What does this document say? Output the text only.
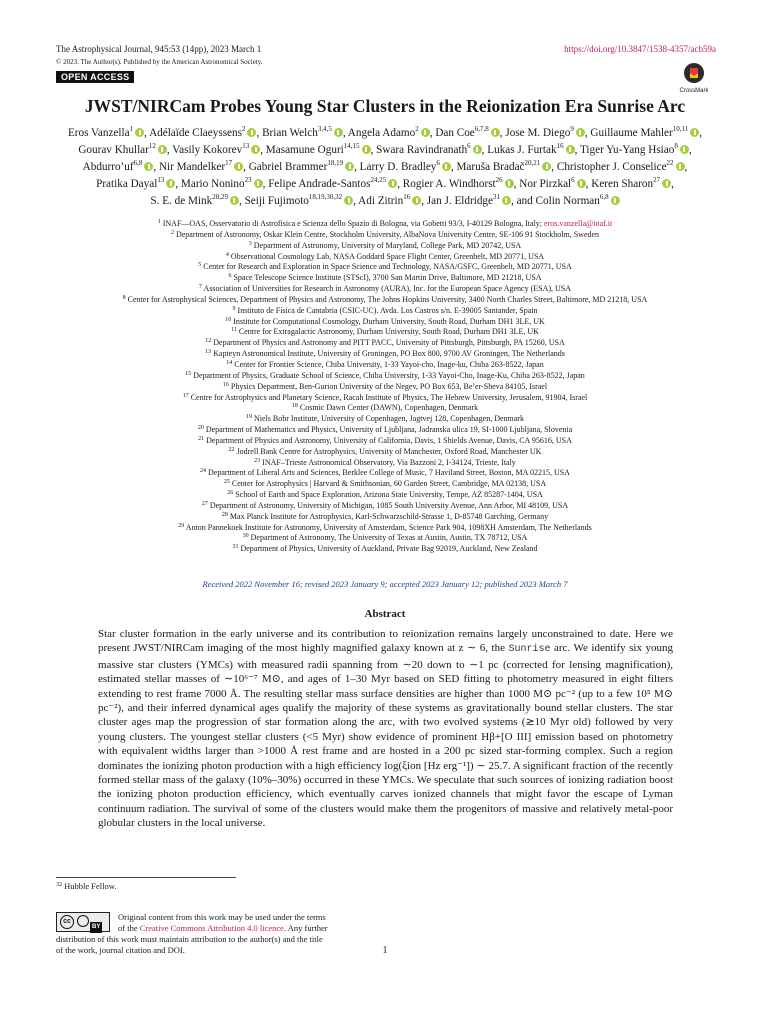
The Astrophysical Journal, 945:53 (14pp), 2023 March 1	https://doi.org/10.3847/1538-4357/acb59a
© 2023. The Author(s). Published by the American Astronomical Society.
OPEN ACCESS
CrossMark
JWST/NIRCam Probes Young Star Clusters in the Reionization Era Sunrise Arc
Eros Vanzella$^1$ , Adélaïde Claeyssens$^2$ , Brian Welch$^{3,4,5}$ , Angela Adamo$^2$ , Dan Coe$^{6,7,8}$ , Jose M. Diego$^9$ , Guillaume Mahler$^{10,11}$ , Gourav Khullar$^{12}$ , Vasily Kokorev$^{13}$ , Masamune Oguri$^{14,15}$ , Swara Ravindranath$^6$ , Lukas J. Furtak$^{16}$ , Tiger Yu-Yang Hsiao$^8$ , Abdurro’uf$^{6,8}$ , Nir Mandelker$^{17}$ , Gabriel Brammer$^{18,19}$ , Larry D. Bradley$^6$ , Maruša Bradač$^{20,21}$ , Christopher J. Conselice$^{22}$ , Pratika Dayal$^{13}$ , Mario Nonino$^{23}$ , Felipe Andrade-Santos$^{24,25}$ , Rogier A. Windhorst$^{26}$ , Nor Pirzkal$^6$ , Keren Sharon$^{27}$ , S. E. de Mink$^{28,29}$ , Seiji Fujimoto$^{18,19,30,32}$ , Adi Zitrin$^{16}$ , Jan J. Eldridge$^{31}$ , and Colin Norman$^{6,8}$
$^1$ INAF—OAS, Osservatorio di Astrofisica e Scienza dello Spazio di Bologna, via Gobetti 93/3, I-40129 Bologna, Italy; eros.vanzella@inaf.it
$^2$ Department of Astronomy, Oskar Klein Centre, Stockholm University, AlbaNova University Centre, SE-106 91 Stockholm, Sweden
$^3$ Department of Astronomy, University of Maryland, College Park, MD 20742, USA
$^4$ Observational Cosmology Lab, NASA Goddard Space Flight Center, Greenbelt, MD 20771, USA
$^5$ Center for Research and Exploration in Space Science and Technology, NASA/GSFC, Greenbelt, MD 20771, USA
$^6$ Space Telescope Science Institute (STScI), 3700 San Martin Drive, Baltimore, MD 21218, USA
$^7$ Association of Universities for Research in Astronomy (AURA), Inc. for the European Space Agency (ESA), USA
$^8$ Center for Astrophysical Sciences, Department of Physics and Astronomy, The Johns Hopkins University, 3400 North Charles Street, Baltimore, MD 21218, USA
$^9$ Instituto de Física de Cantabria (CSIC-UC). Avda. Los Castros s/n. E-39005 Santander, Spain
$^{10}$ Institute for Computational Cosmology, Durham University, South Road, Durham DH1 3LE, UK
$^{11}$ Centre for Extragalactic Astronomy, Durham University, South Road, Durham DH1 3LE, UK
$^{12}$ Department of Physics and Astronomy and PITT PACC, University of Pittsburgh, Pittsburgh, PA 15260, USA
$^{13}$ Kapteyn Astronomical Institute, University of Groningen, PO Box 800, 9700 AV Groningen, The Netherlands
$^{14}$ Center for Frontier Science, Chiba University, 1-33 Yayoi-cho, Inage-ku, Chiba 263-8522, Japan
$^{15}$ Department of Physics, Graduate School of Science, Chiba University, 1-33 Yayoi-Cho, Inage-Ku, Chiba 263-8522, Japan
$^{16}$ Physics Department, Ben-Gurion University of the Negev, PO Box 653, Be’er-Sheva 84105, Israel
$^{17}$ Centre for Astrophysics and Planetary Science, Racah Institute of Physics, The Hebrew University, Jerusalem, 91904, Israel
$^{18}$ Cosmic Dawn Center (DAWN), Copenhagen, Denmark
$^{19}$ Niels Bohr Institute, University of Copenhagen, Jagtvej 128, Copenhagen, Denmark
$^{20}$ Department of Mathematics and Physics, University of Ljubljana, Jadranska ulica 19, SI-1000 Ljubljana, Slovenia
$^{21}$ Department of Physics and Astronomy, University of California, Davis, 1 Shields Avenue, Davis, CA 95616, USA
$^{22}$ Jodrell Bank Centre for Astrophysics, University of Manchester, Oxford Road, Manchester UK
$^{23}$ INAF–Trieste Astronomical Observatory, Via Bazzoni 2, I-34124, Trieste, Italy
$^{24}$ Department of Liberal Arts and Sciences, Berklee College of Music, 7 Haviland Street, Boston, MA 02215, USA
$^{25}$ Center for Astrophysics | Harvard & Smithsonian, 60 Garden Street, Cambridge, MA 02138, USA
$^{26}$ School of Earth and Space Exploration, Arizona State University, Tempe, AZ 85287-1404, USA
$^{27}$ Department of Astronomy, University of Michigan, 1085 South University Avenue, Ann Arbor, MI 48109, USA
$^{28}$ Max Planck Institute for Astrophysics, Karl-Schwarzschild-Strasse 1, D-85748 Garching, Germany
$^{29}$ Anton Pannekoek Institute for Astronomy, University of Amsterdam, Science Park 904, 1098XH Amsterdam, The Netherlands
$^{30}$ Department of Astronomy, The University of Texas at Austin, Austin, TX 78712, USA
$^{31}$ Department of Physics, University of Auckland, Private Bag 92019, Auckland, New Zealand
Received 2022 November 16; revised 2023 January 9; accepted 2023 January 12; published 2023 March 7
Abstract

Star cluster formation in the early universe and its contribution to reionization remains largely unconstrained to date. Here we present JWST/NIRCam imaging of the most highly magnified galaxy known at z ∼ 6, the Sunrise arc. We identify six young massive star clusters (YMCs) with measured radii spanning from ∼20 down to ∼1 pc (corrected for lensing magnification), estimated stellar masses of ∼10⁶⁻⁷ M⊙, and ages of 1–30 Myr based on SED fitting to photometry measured in eight filters extending to rest frame 7000 Å. The resulting stellar mass surface densities are higher than 1000 M⊙ pc⁻² (up to a few 10⁵ M⊙ pc⁻²), and their inferred dynamical ages qualify the majority of these systems as gravitationally bound stellar clusters. The star cluster ages map the progression of star formation along the arc, with two evolved systems (≳10 Myr old) followed by very young clusters. The youngest stellar clusters (<5 Myr) show evidence of prominent Hβ+[O III] emission based on photometry with equivalent widths larger than >1000 Å rest frame and are hosted in a 200 pc sized star-forming complex. Such a region dominates the ionizing photon production with a high efficiency log(ξion [Hz erg⁻¹]) ∼ 25.7. A significant fraction of the recently formed stellar mass of the galaxy (10%–30%) occurred in these YMCs. We speculate that such sources of ionizing radiation boost the ionizing photon production efficiency, which eventually carves ionized channels that might favor the escape of Lyman continuum radiation. The survival of some of the clusters would make them the progenitors of massive and relatively metal-poor globular clusters in the local universe.

$^{32}$ Hubble Fellow.
cc
BY
Original content from this work may be used under the terms
of the Creative Commons Attribution 4.0 licence. Any further
distribution of this work must maintain attribution to the author(s) and the title
of the work, journal citation and DOI.	1
